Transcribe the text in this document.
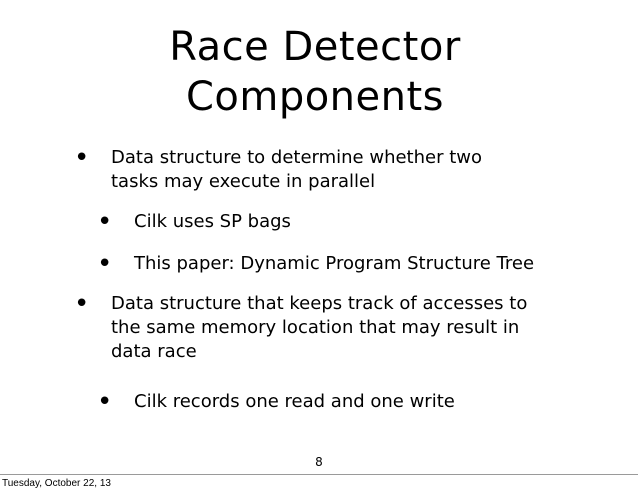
Race Detector
Components
• Data structure to determine whether two
tasks may execute in parallel
• Cilk uses SP bags
• This paper: Dynamic Program Structure Tree
• Data structure that keeps track of accesses to
the same memory location that may result in
data race
• Cilk records one read and one write
8
Tuesday, October 22, 13
